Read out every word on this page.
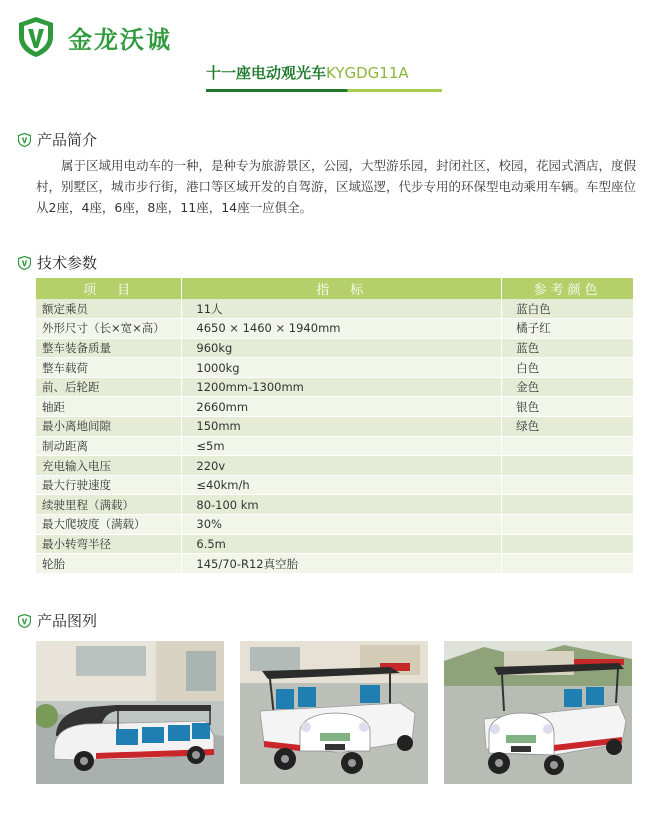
金龙沃诚
十一座电动观光车KYGDG11A
产品简介

属于区域用电动车的一种，是种专为旅游景区，公园，大型游乐园，封闭社区，校园，花园式酒店，度假村，别墅区，城市步行街，港口等区域开发的自驾游，区域巡逻，代步专用的环保型电动乘用车辆。车型座位从2座，4座，6座，8座，11座，14座一应俱全。

技术参数
项　目	指　标	参考颜色
额定乘员	11人	蓝白色
外形尺寸（长×宽×高）	4650 × 1460 × 1940mm	橘子红
整车装备质量	960kg	蓝色
整车载荷	1000kg	白色
前、后轮距	1200mm-1300mm	金色
轴距	2660mm	银色
最小离地间隙	150mm	绿色
制动距离	≤5m	
充电输入电压	220v	
最大行驶速度	≤40km/h	
续驶里程（满载）	80-100 km	
最大爬坡度（满载）	30%	
最小转弯半径	6.5m	
轮胎	145/70-R12真空胎	
产品图列
